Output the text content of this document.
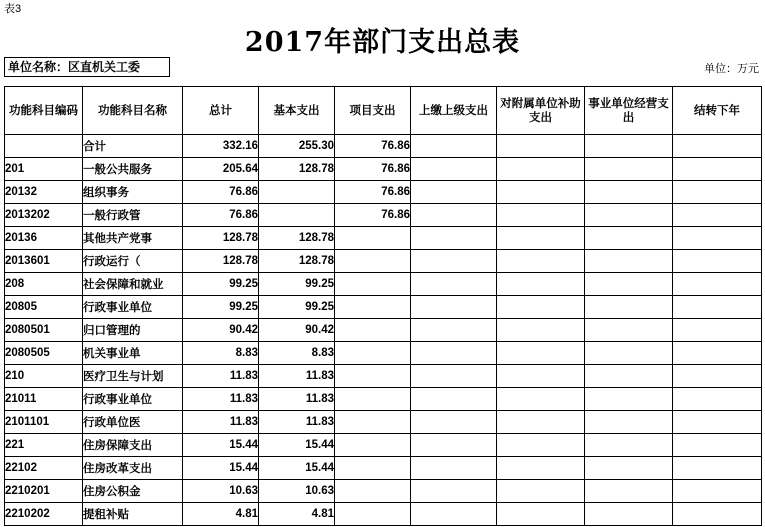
表3
2017年部门支出总表
单位名称：区直机关工委	单位：万元
功能科目编码	功能科目名称	总计	基本支出	项目支出	上缴上级支出	对附属单位补助支出	事业单位经营支出	结转下年
	合计	332.16	255.30	76.86				
201	一般公共服务	205.64	128.78	76.86				
20132	组织事务	76.86		76.86				
2013202	一般行政管	76.86		76.86				
20136	其他共产党事	128.78	128.78					
2013601	行政运行（	128.78	128.78					
208	社会保障和就业	99.25	99.25					
20805	行政事业单位	99.25	99.25					
2080501	归口管理的	90.42	90.42					
2080505	机关事业单	8.83	8.83					
210	医疗卫生与计划	11.83	11.83					
21011	行政事业单位	11.83	11.83					
2101101	行政单位医	11.83	11.83					
221	住房保障支出	15.44	15.44					
22102	住房改革支出	15.44	15.44					
2210201	住房公积金	10.63	10.63					
2210202	提租补贴	4.81	4.81					
